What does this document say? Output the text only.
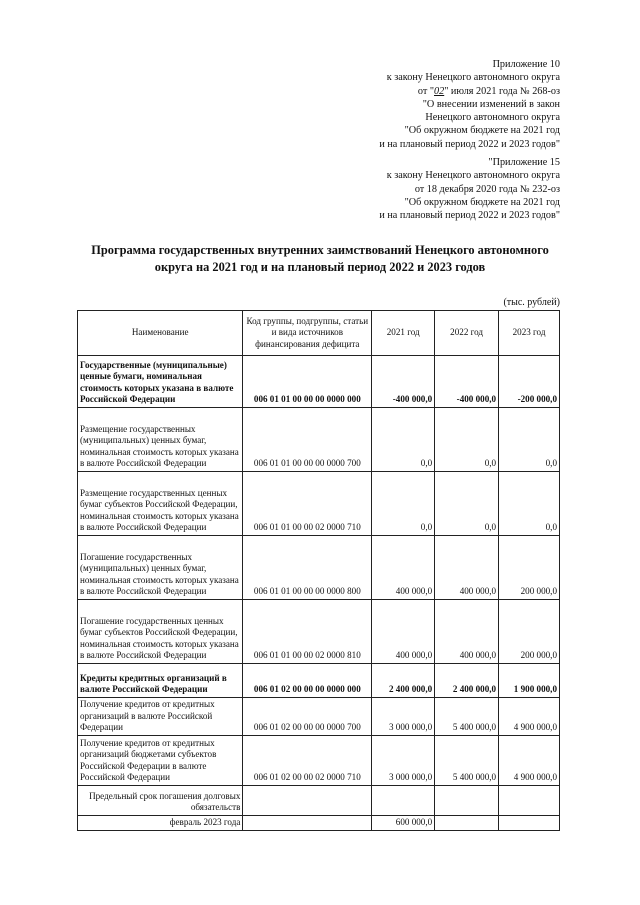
Приложение 10
к закону Ненецкого автономного округа
от "02" июля 2021 года № 268-оз
"О внесении изменений в закон
Ненецкого автономного округа
"Об окружном бюджете на 2021 год
и на плановый период 2022 и 2023 годов"
"Приложение 15
к закону Ненецкого автономного округа
от 18 декабря 2020 года № 232-оз
"Об окружном бюджете на 2021 год
и на плановый период 2022 и 2023 годов"
Программа государственных внутренних заимствований Ненецкого автономного
округа на 2021 год и на плановый период 2022 и 2023 годов
(тыс. рублей)
Наименование	Код группы, подгруппы, статьи и вида источников финансирования дефицита	2021 год	2022 год	2023 год
Государственные (муниципальные) ценные бумаги, номинальная стоимость которых указана в валюте Российской Федерации	006 01 01 00 00 00 0000 000	-400 000,0	-400 000,0	-200 000,0
Размещение государственных (муниципальных) ценных бумаг, номинальная стоимость которых указана в валюте Российской Федерации	006 01 01 00 00 00 0000 700	0,0	0,0	0,0
Размещение государственных ценных бумаг субъектов Российской Федерации, номинальная стоимость которых указана в валюте Российской Федерации	006 01 01 00 00 02 0000 710	0,0	0,0	0,0
Погашение государственных (муниципальных) ценных бумаг, номинальная стоимость которых указана в валюте Российской Федерации	006 01 01 00 00 00 0000 800	400 000,0	400 000,0	200 000,0
Погашение государственных ценных бумаг субъектов Российской Федерации, номинальная стоимость которых указана в валюте Российской Федерации	006 01 01 00 00 02 0000 810	400 000,0	400 000,0	200 000,0
Кредиты кредитных организаций в валюте Российской Федерации	006 01 02 00 00 00 0000 000	2 400 000,0	2 400 000,0	1 900 000,0
Получение кредитов от кредитных организаций в валюте Российской Федерации	006 01 02 00 00 00 0000 700	3 000 000,0	5 400 000,0	4 900 000,0
Получение кредитов от кредитных организаций бюджетами субъектов Российской Федерации в валюте Российской Федерации	006 01 02 00 00 02 0000 710	3 000 000,0	5 400 000,0	4 900 000,0
Предельный срок погашения долговых обязательств				
февраль 2023 года		600 000,0		
